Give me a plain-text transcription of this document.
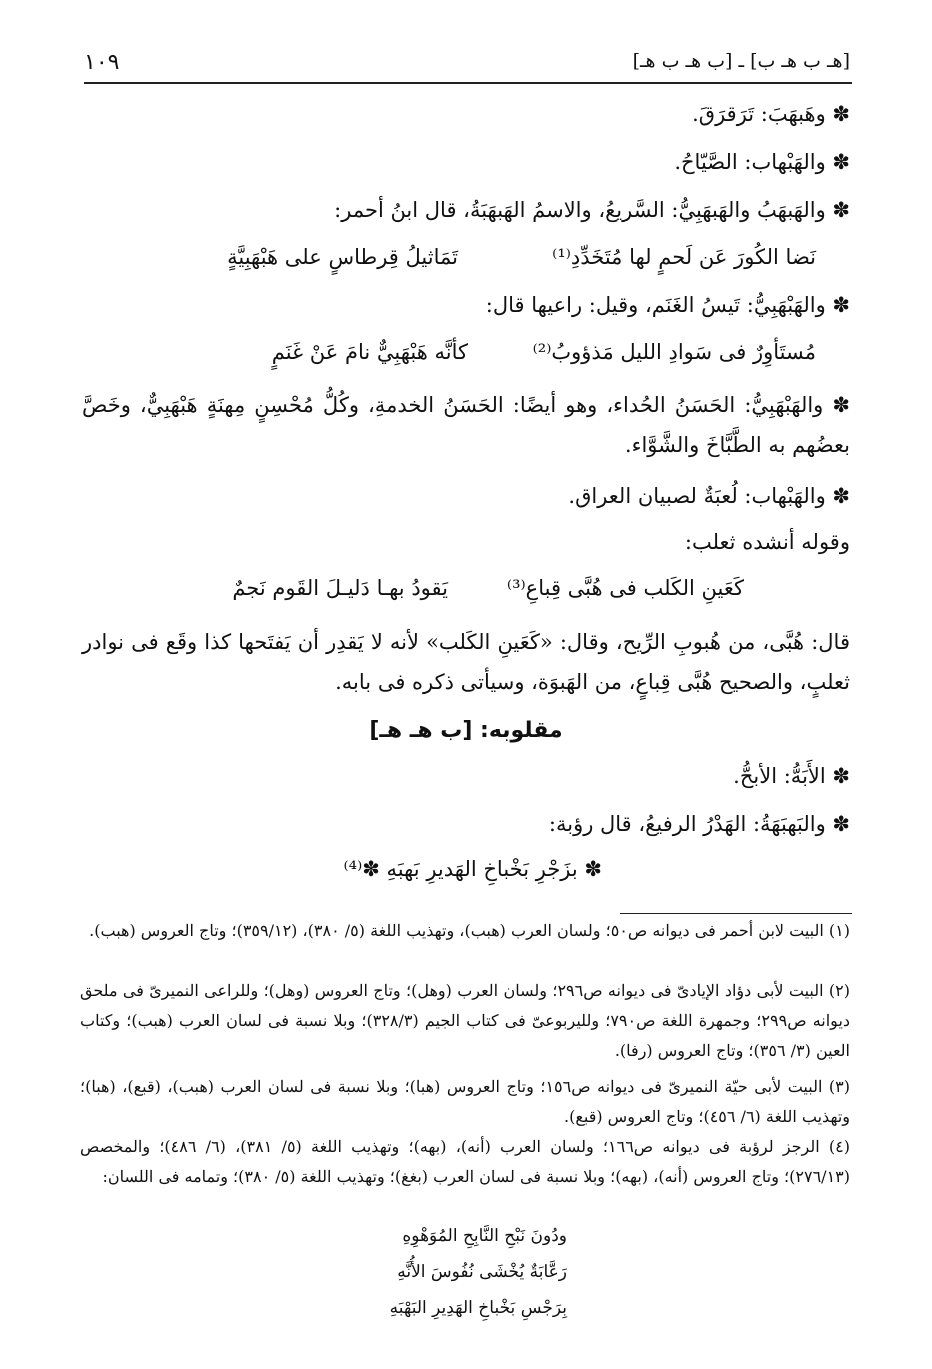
١٠٩	[هـ ب هـ ب] ـ [ب هـ ب هـ]
✽ وهَبهَبَ: تَرَقرَقَ.
✽ والهَبْهاب: الصَّيّاحُ.
✽ والهَبهَبُ والهَبهَبِيُّ: السَّريعُ، والاسمُ الهَبهَبَةُ، قال ابنُ أحمر:
تَمَاثيلُ قِرطاسٍ على هَبْهَبِيَّةٍ	نَضا الكُورَ عَن لَحمٍ لها مُتَخَدِّدِ⁽¹⁾
✽ والهَبْهَبِيُّ: تَيسُ الغَنَم، وقيل: راعيها قال:
كأنَّه هَبْهَبِيٌّ نامَ عَنْ غَنَمٍ	مُستَأوِرٌ فى سَوادِ الليل مَذؤوبُ⁽²⁾
✽ والهَبْهَبِيُّ: الحَسَنُ الحُداء، وهو أيضًا: الحَسَنُ الخدمةِ، وكُلُّ مُحْسِنٍ مِهنَةٍ هَبْهَبِيٌّ، وخَصَّ بعضُهم به الطَّبَّاخَ والشَّوَّاء.
✽ والهَبْهاب: لُعبَةٌ لصبيان العراق.
وقوله أنشده ثعلب:
يَقودُ بهـا دَليـلَ القَوم نَجمٌ	كَعَينِ الكَلب فى هُبَّى قِباعِ⁽³⁾
قال: هُبَّى، من هُبوبِ الرِّيح، وقال: «كَعَينِ الكَلب» لأنه لا يَقدِر أن يَفتَحها كذا وقَع فى نوادر ثعلبٍ، والصحيح هُبَّى قِباعٍ، من الهَبوَة، وسيأتى ذكره فى بابه.
مقلوبه: [ب هـ هـ]
✽ الأَبَهُّ: الأبحُّ.
✽ والبَهبَهَةُ: الهَدْرُ الرفيعُ، قال رؤبة:
✽ بزَجْرِ بَخْباخِ الهَديرِ بَهبَهِ ✽⁽⁴⁾
(١) البيت لابن أحمر فى ديوانه ص٥٠؛ ولسان العرب (هبب)، وتهذيب اللغة (٥/ ٣٨٠)، (٣٥٩/١٢)؛ وتاج العروس (هبب).
(٢) البيت لأبى دؤاد الإيادىّ فى ديوانه ص٢٩٦؛ ولسان العرب (وهل)؛ وتاج العروس (وهل)؛ وللراعى النميرىّ فى ملحق ديوانه ص٢٩٩؛ وجمهرة اللغة ص٧٩٠؛ ولليربوعىّ فى كتاب الجيم (٣٢٨/٣)؛ وبلا نسبة فى لسان العرب (هبب)؛ وكتاب العين (٣/ ٣٥٦)؛ وتاج العروس (رفا).
(٣) البيت لأبى حيّة النميرىّ فى ديوانه ص١٥٦؛ وتاج العروس (هبا)؛ وبلا نسبة فى لسان العرب (هبب)، (قبع)، (هبا)؛ وتهذيب اللغة (٦/ ٤٥٦)؛ وتاج العروس (قبع).
(٤) الرجز لرؤبة فى ديوانه ص١٦٦؛ ولسان العرب (أنه)، (بهه)؛ وتهذيب اللغة (٥/ ٣٨١)، (٦/ ٤٨٦)؛ والمخصص (٢٧٦/١٣)؛ وتاج العروس (أنه)، (بهه)؛ وبلا نسبة فى لسان العرب (بغغ)؛ وتهذيب اللغة (٥/ ٣٨٠)؛ وتمامه فى اللسان:
ودُونَ نَبْحِ النَّابِحِ المُوَهْوِهِ
رَعَّابَةٌ يُخْشَى نُفُوسَ الأُنَّهِ
بِرَجْسِ بَخْباخِ الهَدِيرِ البَهْبَهِ
